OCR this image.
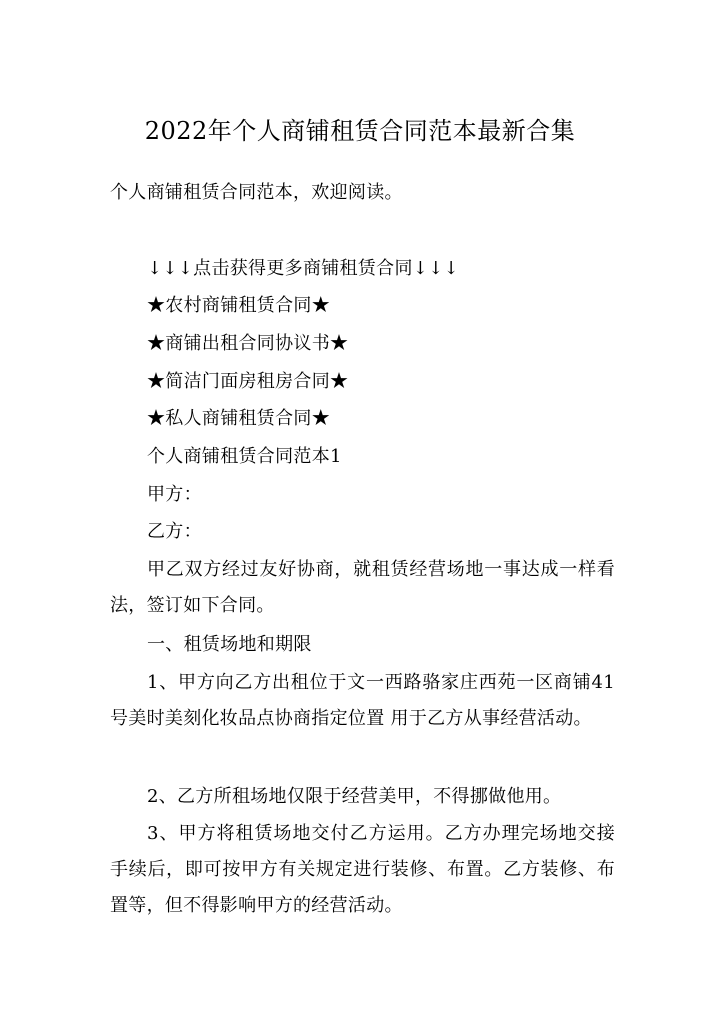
2022年个人商铺租赁合同范本最新合集
个人商铺租赁合同范本，欢迎阅读。
↓↓↓点击获得更多商铺租赁合同↓↓↓
★农村商铺租赁合同★
★商铺出租合同协议书★
★简洁门面房租房合同★
★私人商铺租赁合同★
个人商铺租赁合同范本1
甲方：
乙方：
甲乙双方经过友好协商，就租赁经营场地一事达成一样看法，签订如下合同。
一、租赁场地和期限
1、甲方向乙方出租位于文一西路骆家庄西苑一区商铺41号美时美刻化妆品点协商指定位置 用于乙方从事经营活动。
2、乙方所租场地仅限于经营美甲，不得挪做他用。
3、甲方将租赁场地交付乙方运用。乙方办理完场地交接手续后，即可按甲方有关规定进行装修、布置。乙方装修、布置等，但不得影响甲方的经营活动。
